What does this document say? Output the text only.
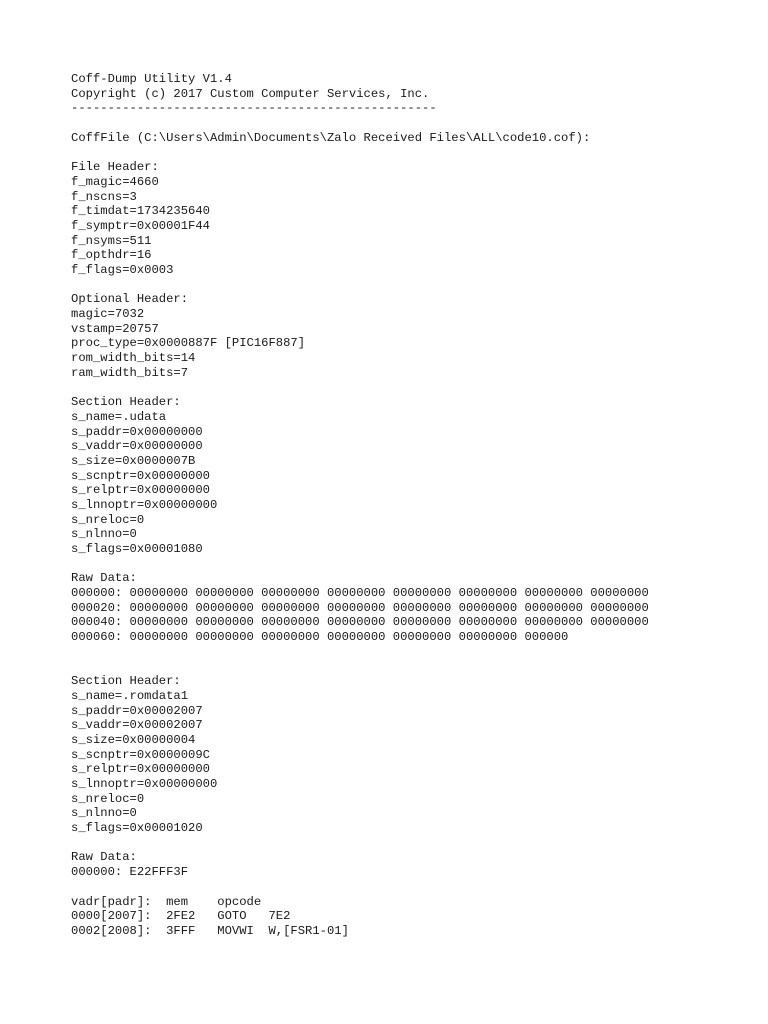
Coff-Dump Utility V1.4
Copyright (c) 2017 Custom Computer Services, Inc.
--------------------------------------------------
CoffFile (C:\Users\Admin\Documents\Zalo Received Files\ALL\code10.cof):
File Header:
f_magic=4660
f_nscns=3
f_timdat=1734235640
f_symptr=0x00001F44
f_nsyms=511
f_opthdr=16
f_flags=0x0003
Optional Header:
magic=7032
vstamp=20757
proc_type=0x0000887F [PIC16F887]
rom_width_bits=14
ram_width_bits=7
Section Header:
s_name=.udata
s_paddr=0x00000000
s_vaddr=0x00000000
s_size=0x0000007B
s_scnptr=0x00000000
s_relptr=0x00000000
s_lnnoptr=0x00000000
s_nreloc=0
s_nlnno=0
s_flags=0x00001080
Raw Data:
000000: 00000000 00000000 00000000 00000000 00000000 00000000 00000000 00000000
000020: 00000000 00000000 00000000 00000000 00000000 00000000 00000000 00000000
000040: 00000000 00000000 00000000 00000000 00000000 00000000 00000000 00000000
000060: 00000000 00000000 00000000 00000000 00000000 00000000 000000
Section Header:
s_name=.romdata1
s_paddr=0x00002007
s_vaddr=0x00002007
s_size=0x00000004
s_scnptr=0x0000009C
s_relptr=0x00000000
s_lnnoptr=0x00000000
s_nreloc=0
s_nlnno=0
s_flags=0x00001020
Raw Data:
000000: E22FFF3F
vadr[padr]:  mem    opcode
0000[2007]:  2FE2   GOTO   7E2
0002[2008]:  3FFF   MOVWI  W,[FSR1-01]
